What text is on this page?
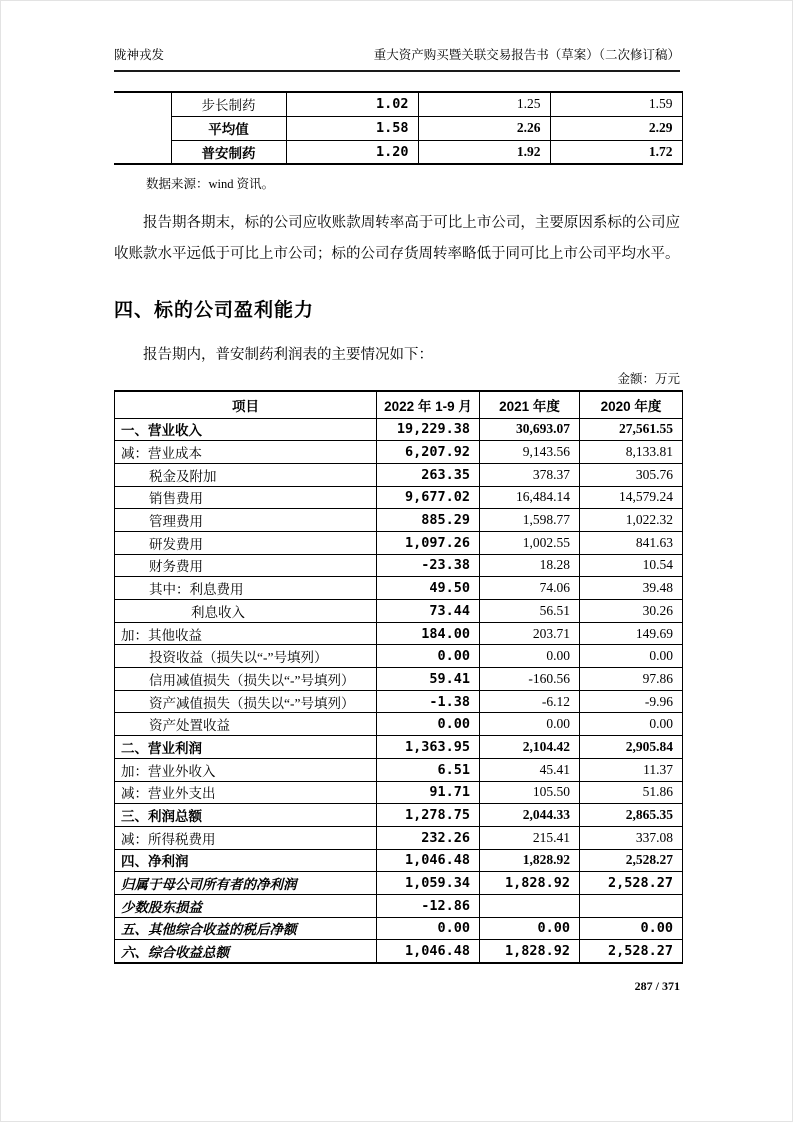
陇神戎发	重大资产购买暨关联交易报告书（草案）（二次修订稿）
	步长制药	1.02	1.25	1.59
	平均值	1.58	2.26	2.29
	普安制药	1.20	1.92	1.72

数据来源：wind 资讯。

报告期各期末，标的公司应收账款周转率高于可比上市公司，主要原因系标的公司应收账款水平远低于可比上市公司；标的公司存货周转率略低于同可比上市公司平均水平。

四、标的公司盈利能力

报告期内，普安制药利润表的主要情况如下：

金额：万元
项目	2022 年 1-9 月	2021 年度	2020 年度
一、营业收入	19,229.38	30,693.07	27,561.55
减：营业成本	6,207.92	9,143.56	8,133.81
税金及附加	263.35	378.37	305.76
销售费用	9,677.02	16,484.14	14,579.24
管理费用	885.29	1,598.77	1,022.32
研发费用	1,097.26	1,002.55	841.63
财务费用	-23.38	18.28	10.54
其中：利息费用	49.50	74.06	39.48
利息收入	73.44	56.51	30.26
加：其他收益	184.00	203.71	149.69
投资收益（损失以“-”号填列）	0.00	0.00	0.00
信用减值损失（损失以“-”号填列）	59.41	-160.56	97.86
资产减值损失（损失以“-”号填列）	-1.38	-6.12	-9.96
资产处置收益	0.00	0.00	0.00
二、营业利润	1,363.95	2,104.42	2,905.84
加：营业外收入	6.51	45.41	11.37
减：营业外支出	91.71	105.50	51.86
三、利润总额	1,278.75	2,044.33	2,865.35
减：所得税费用	232.26	215.41	337.08
四、净利润	1,046.48	1,828.92	2,528.27
归属于母公司所有者的净利润	1,059.34	1,828.92	2,528.27
少数股东损益	-12.86		
五、其他综合收益的税后净额	0.00	0.00	0.00
六、综合收益总额	1,046.48	1,828.92	2,528.27
287 / 371
